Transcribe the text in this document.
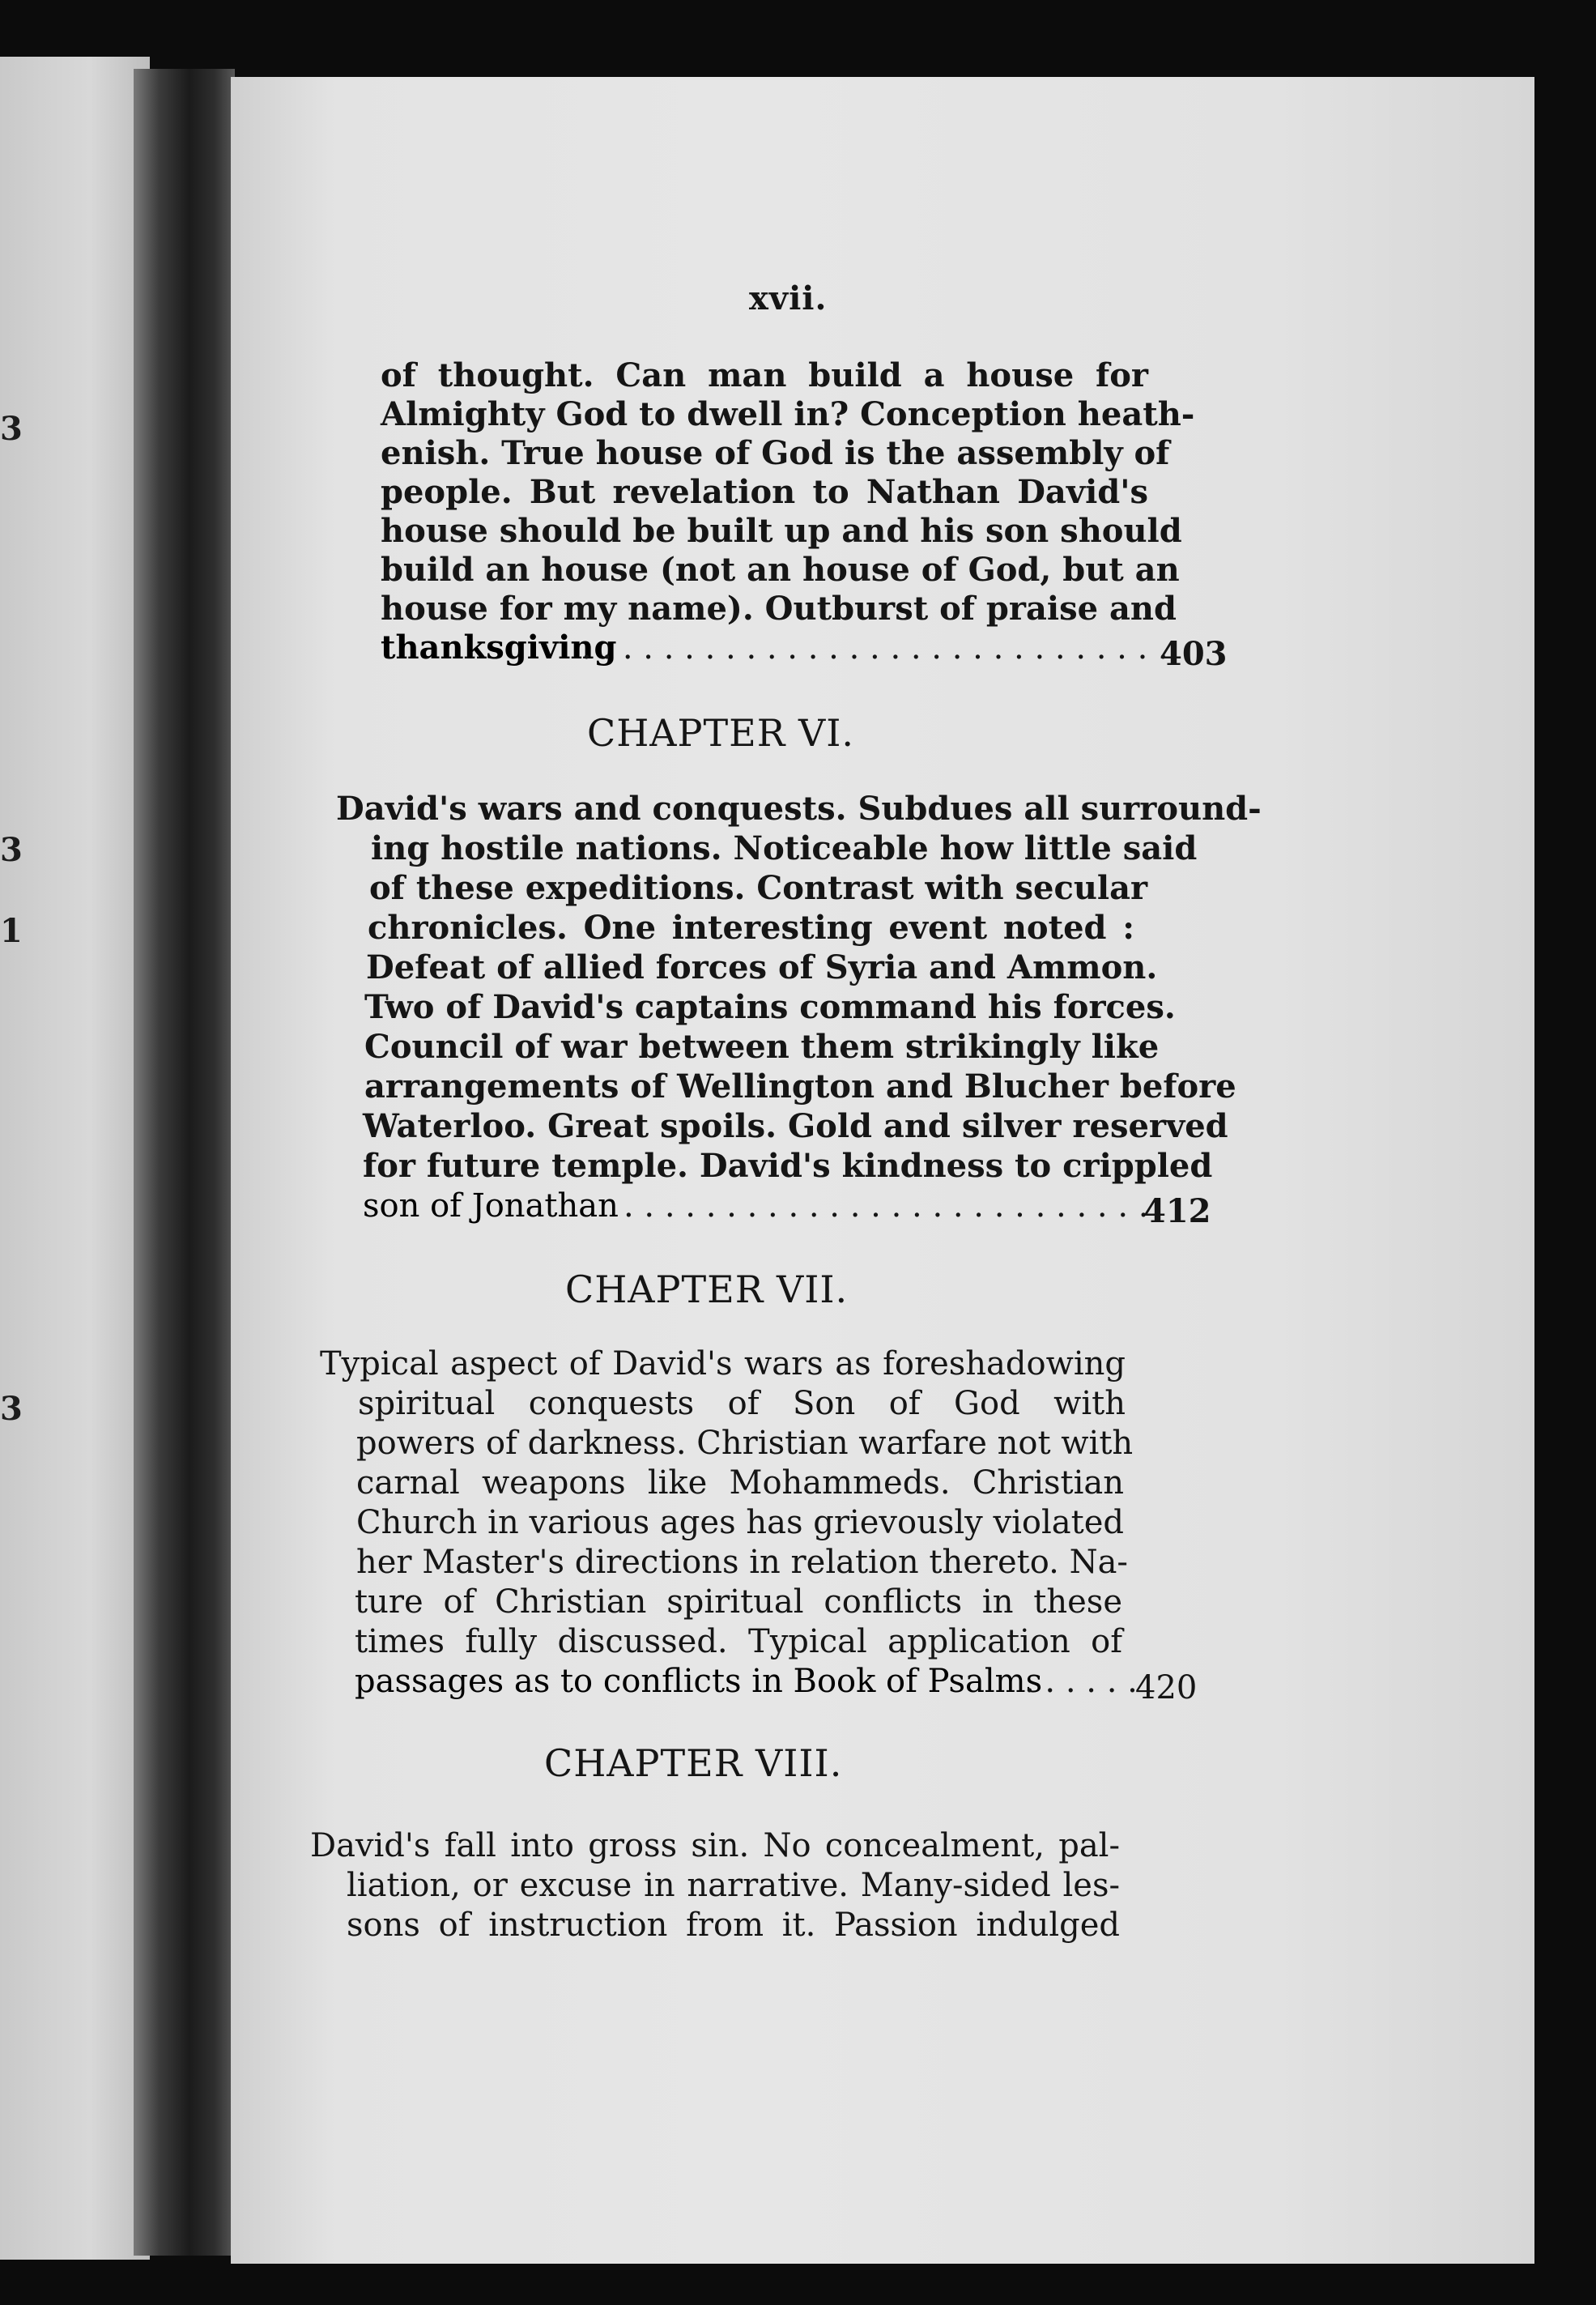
3
3
1
3
xvii.
of thought. Can man build a house for
Almighty God to dwell in? Conception heath-
enish. True house of God is the assembly of
people. But revelation to Nathan David's
house should be built up and his son should
build an house (not an house of God, but an
house for my name). Outburst of praise and
thanksgiving
. . . . . . . . . . . . . . . . . . . . . . . . . . . . .
403
CHAPTER VI.
David's wars and conquests. Subdues all surround-
ing hostile nations. Noticeable how little said
of these expeditions. Contrast with secular
chronicles. One interesting event noted :
Defeat of allied forces of Syria and Ammon.
Two of David's captains command his forces.
Council of war between them strikingly like
arrangements of Wellington and Blucher before
Waterloo. Great spoils. Gold and silver reserved
for future temple. David's kindness to crippled
son of Jonathan . . . . . . . . . . . . . . . . . . . . . . . . . .
412
CHAPTER VII.
Typical aspect of David's wars as foreshadowing
spiritual conquests of Son of God with
powers of darkness. Christian warfare not with
carnal weapons like Mohammeds. Christian
Church in various ages has grievously violated
her Master's directions in relation thereto. Na-
ture of Christian spiritual conflicts in these
times fully discussed. Typical application of
passages as to conflicts in Book of Psalms
. . . . . .
420
CHAPTER VIII.
David's fall into gross sin. No concealment, pal-
liation, or excuse in narrative. Many-sided les-
sons of instruction from it. Passion indulged
